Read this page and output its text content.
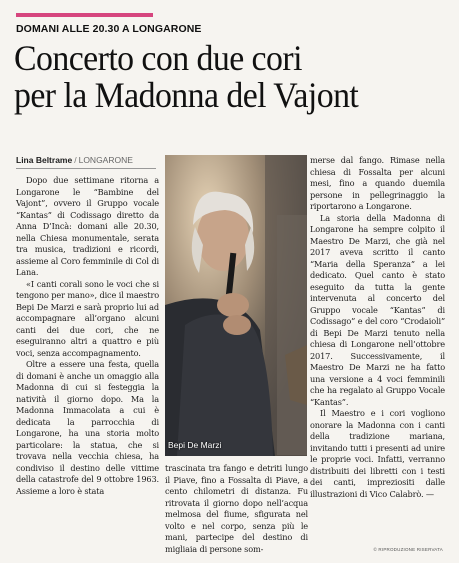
DOMANI ALLE 20.30 A LONGARONE
Concerto con due cori
per la Madonna del Vajont
Lina Beltrame / LONGARONE

Dopo due settimane ritorna a Longarone le “Bambine del Vajont”, ovvero il Gruppo vocale “Kantas” di Codissago diretto da Anna D’Incà: domani alle 20.30, nella Chiesa monumentale, serata tra musica, tradizioni e ricordi, assieme al Coro femminile di Col di Lana.

«I canti corali sono le voci che si tengono per mano», dice il maestro Bepi De Marzi e sarà proprio lui ad accompagnare all’organo alcuni canti dei due cori, che ne eseguiranno altri a quattro e più voci, senza accompagnamento.

Oltre a essere una festa, quella di domani è anche un omaggio alla Madonna di cui si festeggia la natività il giorno dopo. Ma la Madonna Immacolata a cui è dedicata la parrocchia di Longarone, ha una storia molto particolare: la statua, che si trovava nella vecchia chiesa, ha condiviso il destino delle vittime della catastrofe del 9 ottobre 1963. Assieme a loro è stata

Bepi De Marzi

trascinata tra fango e detriti lungo il Piave, fino a Fossalta di Piave, a cento chilometri di distanza. Fu ritrovata il giorno dopo nell’acqua melmosa del fiume, sfigurata nel volto e nel corpo, senza più le mani, partecipe del destino di migliaia di persone som-

merse dal fango. Rimase nella chiesa di Fossalta per alcuni mesi, fino a quando duemila persone in pellegrinaggio la riportarono a Longarone.

La storia della Madonna di Longarone ha sempre colpito il Maestro De Marzi, che già nel 2017 aveva scritto il canto “Maria della Speranza” a lei dedicato. Quel canto è stato eseguito da tutta la gente intervenuta al concerto del Gruppo vocale “Kantas” di Codissago” e del coro “Crodaioli” di Bepi De Marzi tenuto nella chiesa di Longarone nell’ottobre 2017. Successivamente, il Maestro De Marzi ne ha fatto una versione a 4 voci femminili che ha regalato al Gruppo Vocale “Kantas”.

Il Maestro e i cori vogliono onorare la Madonna con i canti della tradizione mariana, invitando tutti i presenti ad unire le proprie voci. Infatti, verranno distribuiti dei libretti con i testi dei canti, impreziositi dalle illustrazioni di Vico Calabrò. —

© RIPRODUZIONE RISERVATA
